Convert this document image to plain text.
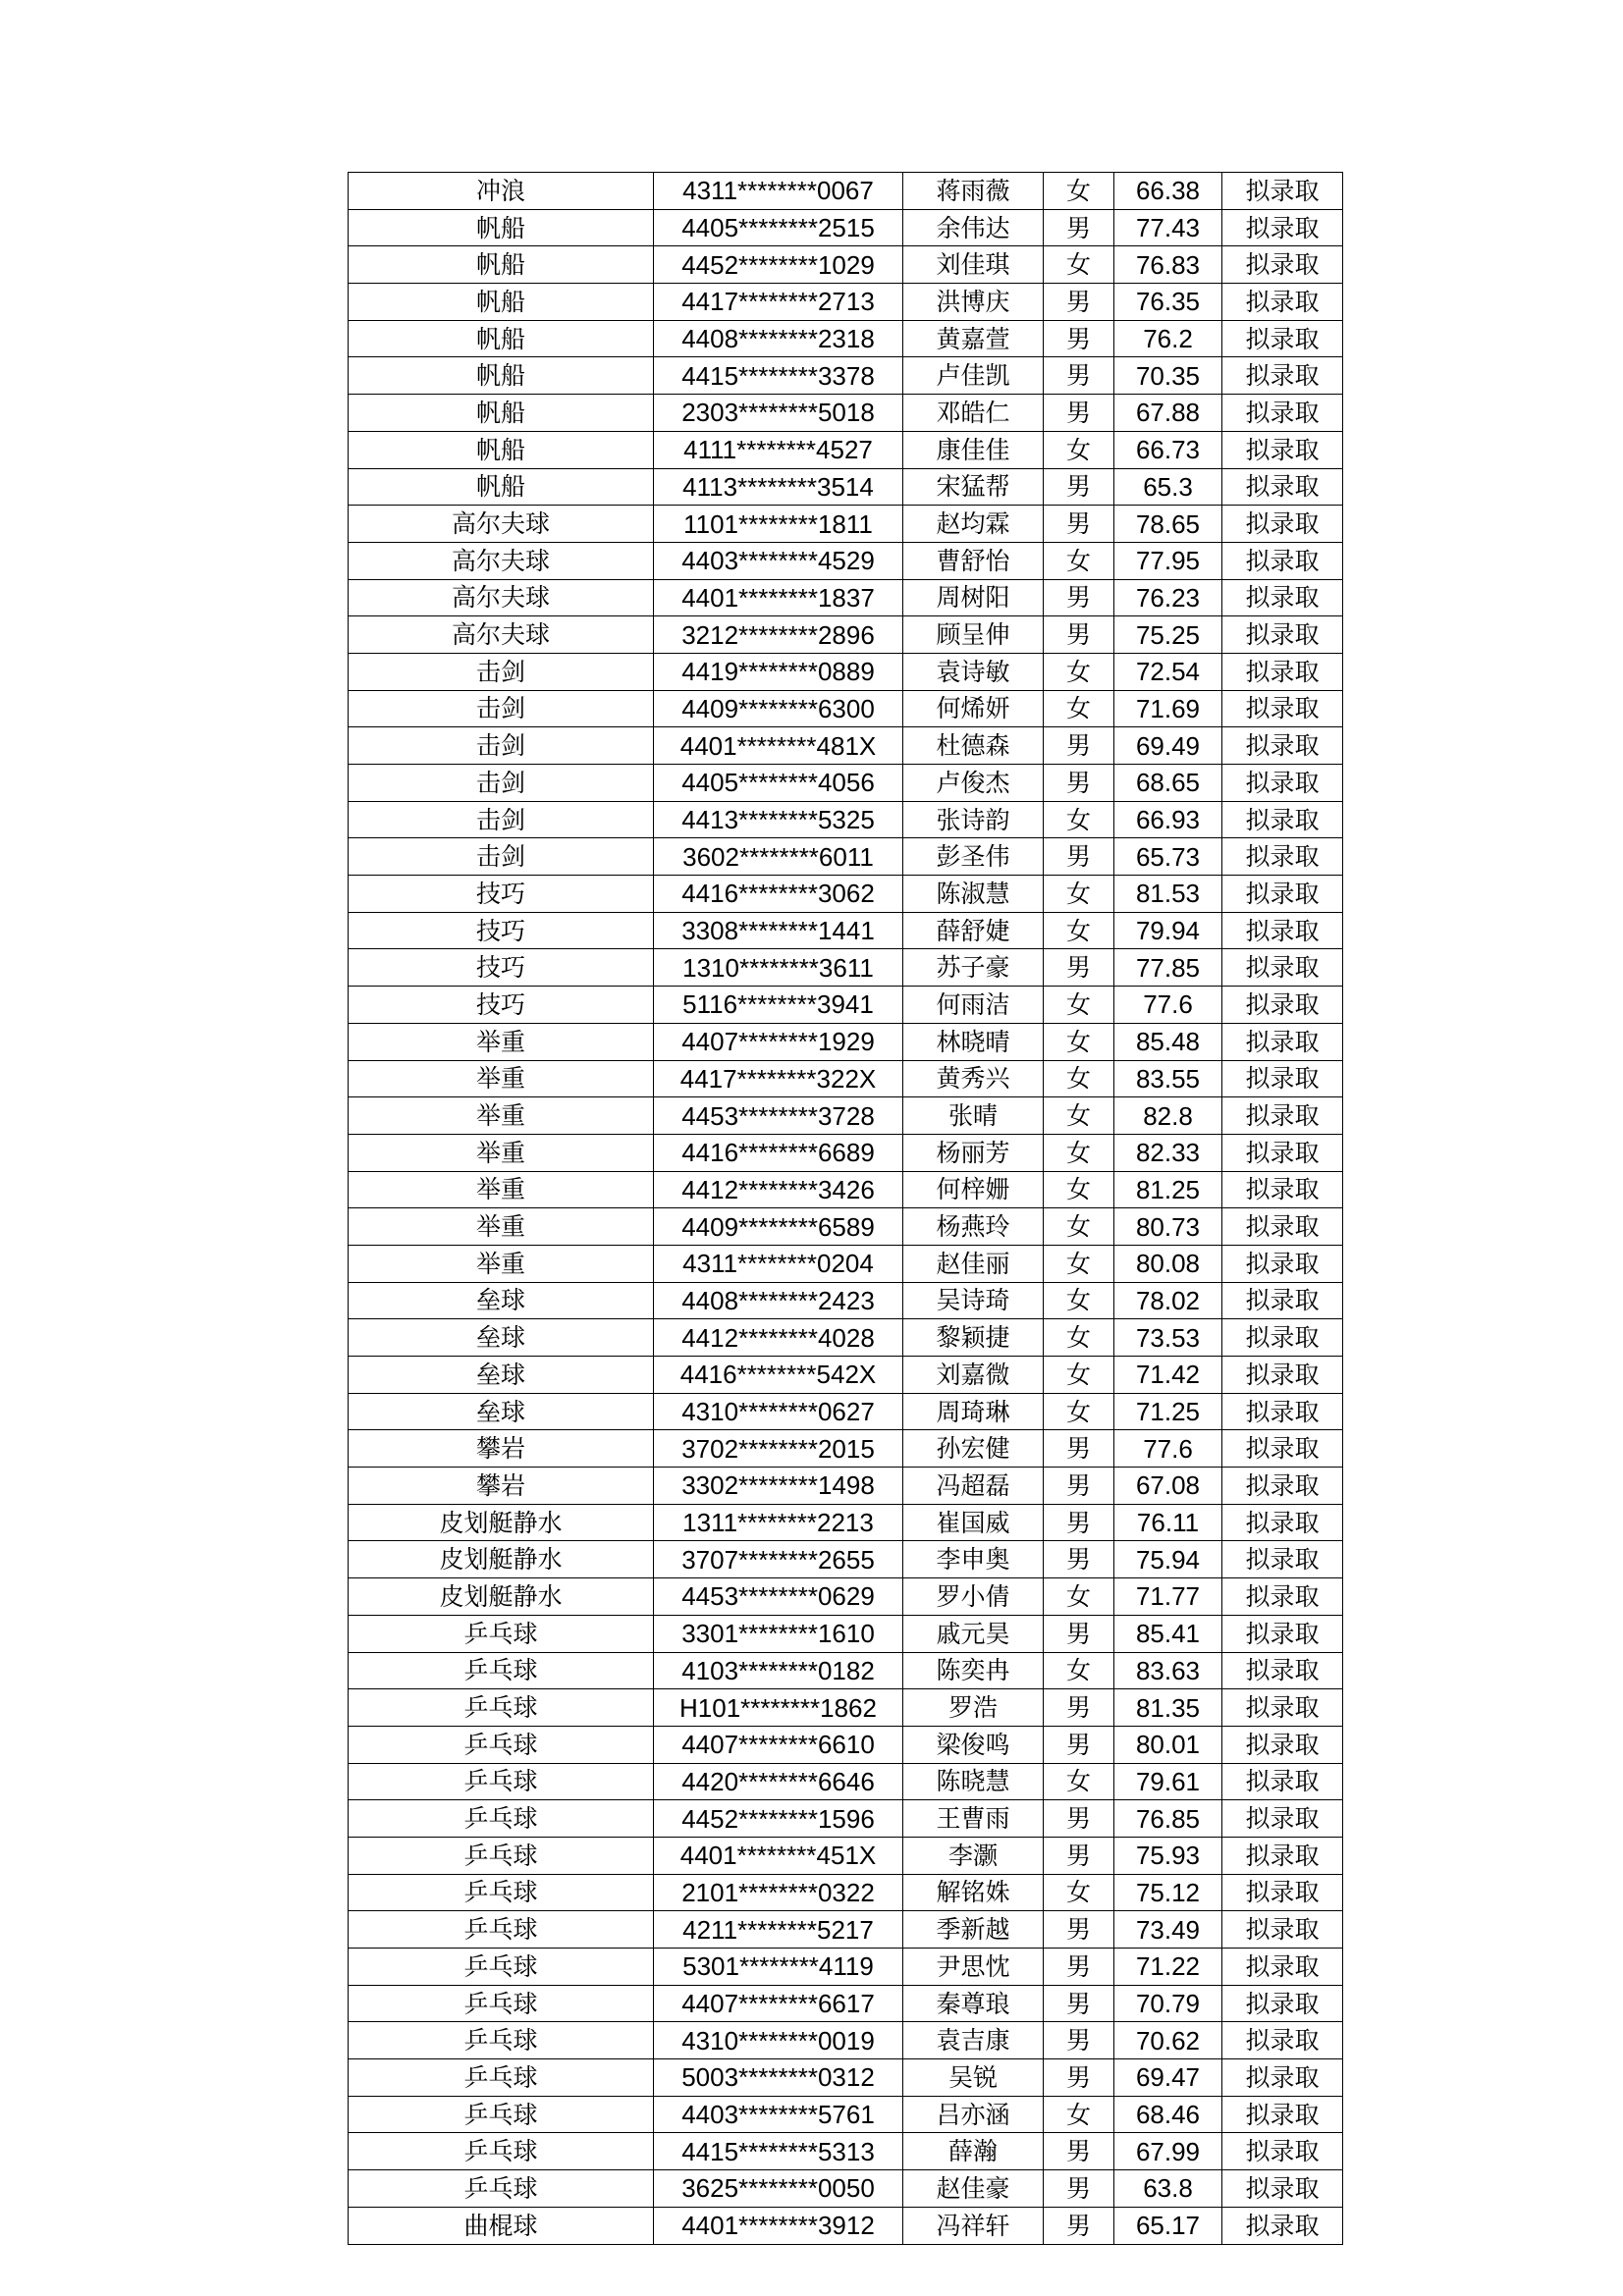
冲浪	4311********0067	蒋雨薇	女	66.38	拟录取
帆船	4405********2515	余伟达	男	77.43	拟录取
帆船	4452********1029	刘佳琪	女	76.83	拟录取
帆船	4417********2713	洪博庆	男	76.35	拟录取
帆船	4408********2318	黄嘉萱	男	76.2	拟录取
帆船	4415********3378	卢佳凯	男	70.35	拟录取
帆船	2303********5018	邓皓仁	男	67.88	拟录取
帆船	4111********4527	康佳佳	女	66.73	拟录取
帆船	4113********3514	宋猛帮	男	65.3	拟录取
高尔夫球	1101********1811	赵均霖	男	78.65	拟录取
高尔夫球	4403********4529	曹舒怡	女	77.95	拟录取
高尔夫球	4401********1837	周树阳	男	76.23	拟录取
高尔夫球	3212********2896	顾呈伸	男	75.25	拟录取
击剑	4419********0889	袁诗敏	女	72.54	拟录取
击剑	4409********6300	何烯妍	女	71.69	拟录取
击剑	4401********481X	杜德森	男	69.49	拟录取
击剑	4405********4056	卢俊杰	男	68.65	拟录取
击剑	4413********5325	张诗韵	女	66.93	拟录取
击剑	3602********6011	彭圣伟	男	65.73	拟录取
技巧	4416********3062	陈淑慧	女	81.53	拟录取
技巧	3308********1441	薛舒婕	女	79.94	拟录取
技巧	1310********3611	苏子豪	男	77.85	拟录取
技巧	5116********3941	何雨洁	女	77.6	拟录取
举重	4407********1929	林晓晴	女	85.48	拟录取
举重	4417********322X	黄秀兴	女	83.55	拟录取
举重	4453********3728	张晴	女	82.8	拟录取
举重	4416********6689	杨丽芳	女	82.33	拟录取
举重	4412********3426	何梓姗	女	81.25	拟录取
举重	4409********6589	杨燕玲	女	80.73	拟录取
举重	4311********0204	赵佳丽	女	80.08	拟录取
垒球	4408********2423	吴诗琦	女	78.02	拟录取
垒球	4412********4028	黎颖捷	女	73.53	拟录取
垒球	4416********542X	刘嘉微	女	71.42	拟录取
垒球	4310********0627	周琦琳	女	71.25	拟录取
攀岩	3702********2015	孙宏健	男	77.6	拟录取
攀岩	3302********1498	冯超磊	男	67.08	拟录取
皮划艇静水	1311********2213	崔国威	男	76.11	拟录取
皮划艇静水	3707********2655	李申奥	男	75.94	拟录取
皮划艇静水	4453********0629	罗小倩	女	71.77	拟录取
乒乓球	3301********1610	戚元昊	男	85.41	拟录取
乒乓球	4103********0182	陈奕冉	女	83.63	拟录取
乒乓球	H101********1862	罗浩	男	81.35	拟录取
乒乓球	4407********6610	梁俊鸣	男	80.01	拟录取
乒乓球	4420********6646	陈晓慧	女	79.61	拟录取
乒乓球	4452********1596	王曹雨	男	76.85	拟录取
乒乓球	4401********451X	李灏	男	75.93	拟录取
乒乓球	2101********0322	解铭姝	女	75.12	拟录取
乒乓球	4211********5217	季新越	男	73.49	拟录取
乒乓球	5301********4119	尹思忱	男	71.22	拟录取
乒乓球	4407********6617	秦尊琅	男	70.79	拟录取
乒乓球	4310********0019	袁吉康	男	70.62	拟录取
乒乓球	5003********0312	吴锐	男	69.47	拟录取
乒乓球	4403********5761	吕亦涵	女	68.46	拟录取
乒乓球	4415********5313	薛瀚	男	67.99	拟录取
乒乓球	3625********0050	赵佳豪	男	63.8	拟录取
曲棍球	4401********3912	冯祥轩	男	65.17	拟录取
